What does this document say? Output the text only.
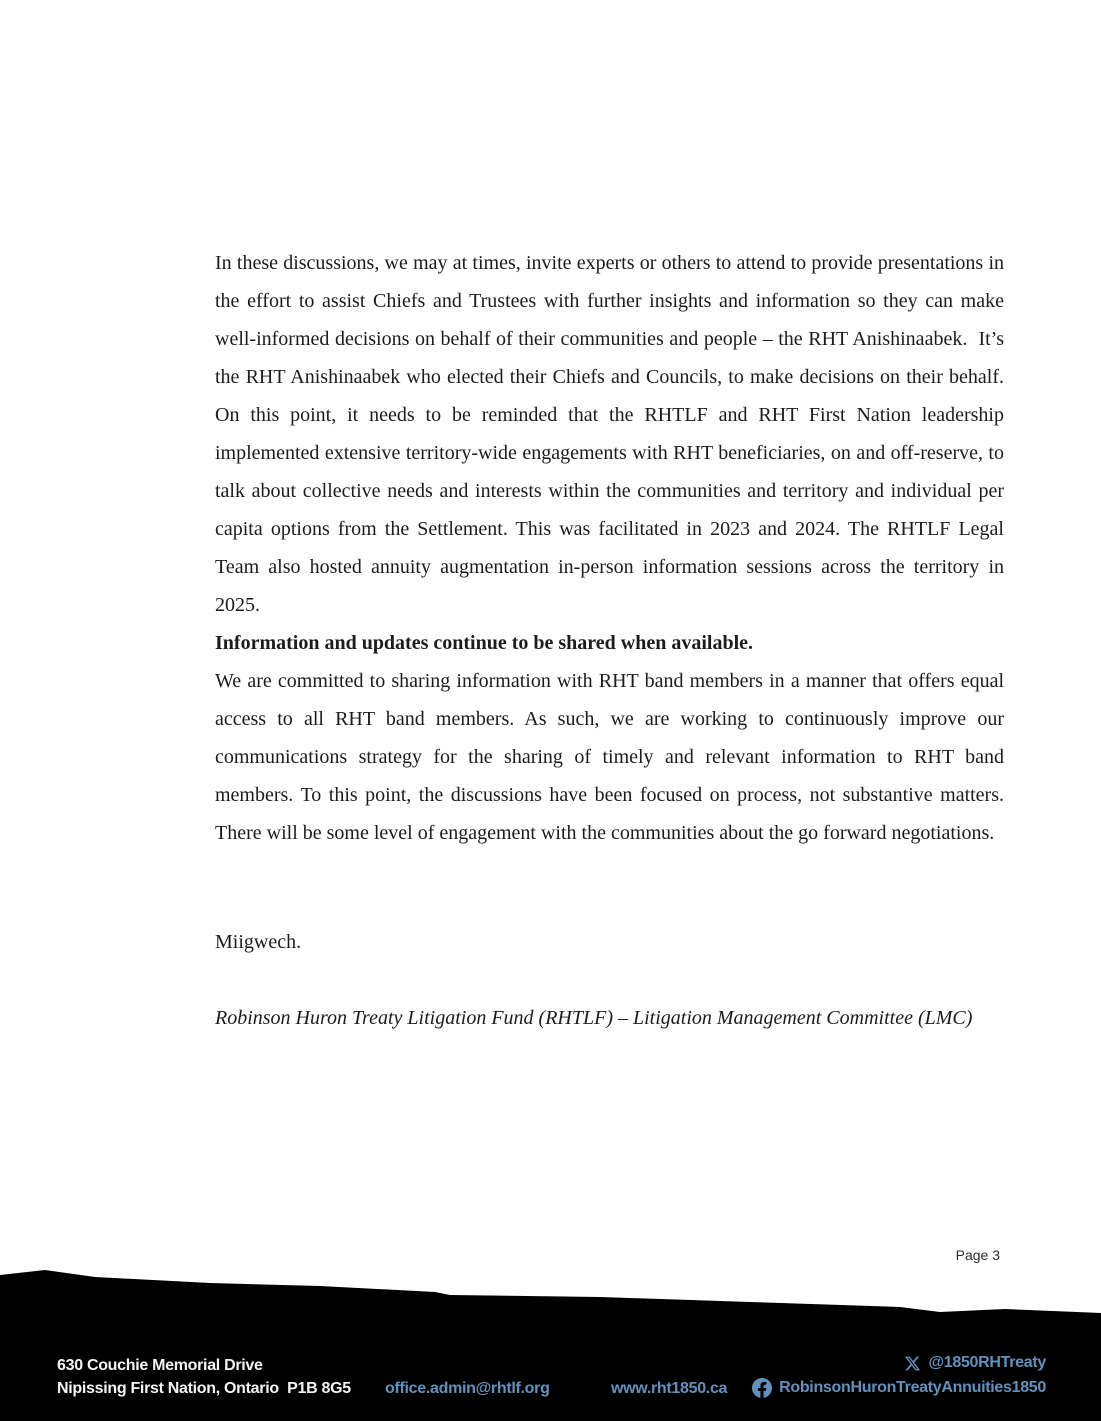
In these discussions, we may at times, invite experts or others to attend to provide presentations in the effort to assist Chiefs and Trustees with further insights and information so they can make well-informed decisions on behalf of their communities and people – the RHT Anishinaabek.  It’s the RHT Anishinaabek who elected their Chiefs and Councils, to make decisions on their behalf.  On this point, it needs to be reminded that the RHTLF and RHT First Nation leadership implemented extensive territory-wide engagements with RHT beneficiaries, on and off-reserve, to talk about collective needs and interests within the communities and territory and individual per capita options from the Settlement. This was facilitated in 2023 and 2024. The RHTLF Legal Team also hosted annuity augmentation in-person information sessions across the territory in 2025.

Information and updates continue to be shared when available.

We are committed to sharing information with RHT band members in a manner that offers equal access to all RHT band members. As such, we are working to continuously improve our communications strategy for the sharing of timely and relevant information to RHT band members. To this point, the discussions have been focused on process, not substantive matters.  There will be some level of engagement with the communities about the go forward negotiations.

Miigwech.
Robinson Huron Treaty Litigation Fund (RHTLF) – Litigation Management Committee (LMC)
Page 3
630 Couchie Memorial Drive
Nipissing First Nation, Ontario  P1B 8G5 office.admin@rhtlf.org	www.rht1850.ca
@1850RHTreaty
RobinsonHuronTreatyAnnuities1850
